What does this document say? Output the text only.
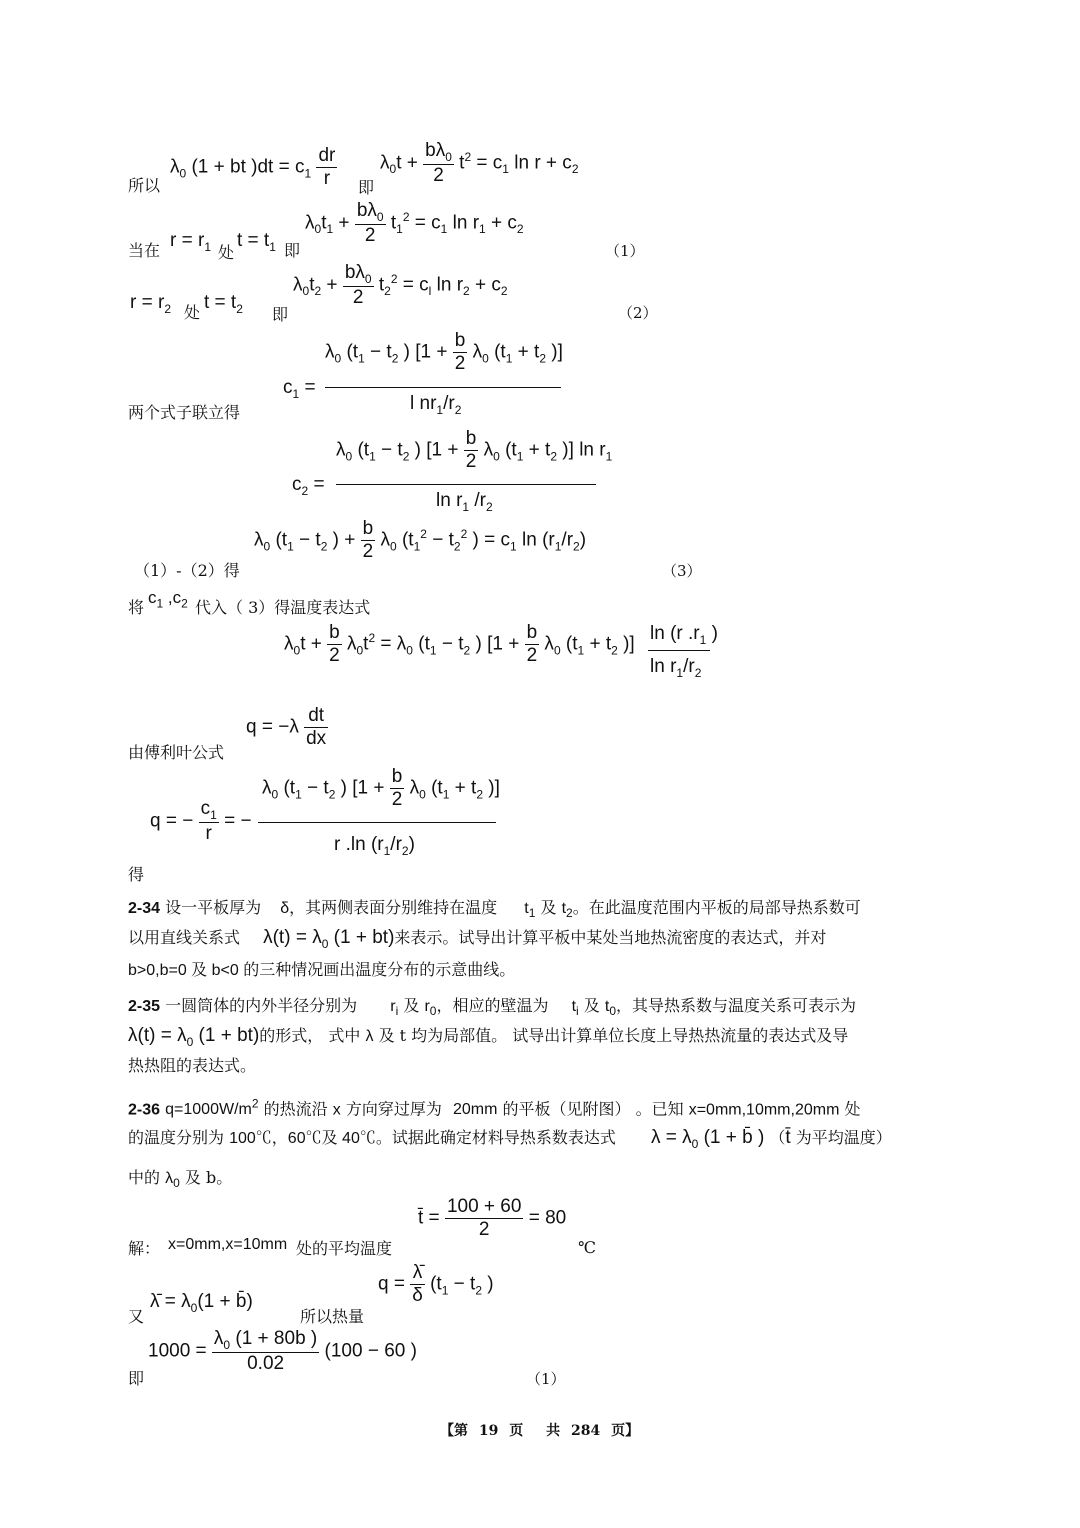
所以
$\lambda_0$ (1 + bt )$dt = c_1 \frac{dr}{r}$ 即
$\lambda_0t + \frac{b\lambda_0}{2} t^2 = c_1$ $\ln r + c_2$
当在 $r = r_1$ 处
$t = t_1$ 即
$\lambda_0t_1 + \frac{b\lambda_0}{2} t_1^2 = c_1$ $\ln r_1 + c_2$
（1）
$r = r_2$ 处 $t = t_2$ 即
$\lambda_0t_2 + \frac{b\lambda_0}{2} t_2^2 = c_l$ $\ln r_2 + c_2$
（2）
两个式子联立得
$c_1$ =
$\lambda_0$ ($t_1 - t_2$ ) [$1 + \frac{b}{2} \lambda_0$ ($t_1 + t_2$ )]
l $nr_1/r_2$
$c_2$ =
$\lambda_0$ ($t_1 - t_2$ ) [$1 + \frac{b}{2} \lambda_0$ ($t_1 + t_2$ )] $\ln r_1$
$\ln r_1$ $/r_2$
（1）-（2）得
$\lambda_0$ ($t_1 - t_2$ ) + $\frac{b}{2} \lambda_0$ ($t_1^2 - t_2^2$ ) = $c_1$ $\ln (r_1/r_2)$
（3）
将
$c_1$ $,c_2$ 代入（ 3）得温度表达式
$\lambda_0t + \frac{b}{2} \lambda_0t^2 = \lambda_0$ ($t_1 - t_2$ ) [$1 + \frac{b}{2} \lambda_0$ ($t_1 + t_2$ )]
ln (r $.r_1$ )
$\ln r_1/r_2$
由傅利叶公式
$q = -\lambda \frac{dt}{dx}$
得
q = − $\frac{c_1}{r}$ = −
$\lambda_0$ ($t_1 - t_2$ ) [$1 + \frac{b}{2} \lambda_0$ ($t_1 + t_2$ )]
r .ln $(r_1/r_2)$
2-34 设一平板厚为 δ，其两侧表面分别维持在温度 $t_1$ 及 $t_2$。在此温度范围内平板的局部导热系数可
以用直线关系式 $\lambda(t) = \lambda_0$ (1 + bt)来表示。试导出计算平板中某处当地热流密度的表达式，并对
b>0,b=0 及 b<0 的三种情况画出温度分布的示意曲线。
2-35 一圆筒体的内外半径分别为 $r_i$ 及 $r_0$，相应的壁温为 $t_i$ 及 $t_0$，其导热系数与温度关系可表示为
$\lambda(t) = \lambda_0$ (1 + bt)的形式， 式中 λ 及 t 均为局部值。 试导出计算单位长度上导热热流量的表达式及导
热热阻的表达式。
2-36 $q=1000W/m^2$ 的热流沿 x 方向穿过厚为 20mm 的平板（见附图） 。已知 x=0mm,10mm,20mm 处
的温度分别为 100℃，60℃及 40℃。试据此确定材料导热系数表达式 $\lambda = \lambda_0$ (1 + b̄ ) （t̄ 为平均温度）
中的 $\lambda_0$ 及 b。
解： x=0mm,x=10mm 处的平均温度
t̄ = $\frac{100 + 60}{2} = 80$
℃
又
λ̄ = $\lambda_0(1$ + b̄)
所以热量
$q = \frac{\lambdā}{\delta} (t_1 - t_2$ )
即
$1000 = \frac{\lambda_0 (1 + 80b )}{0.02} (100 - 60$ )
（1）
【第 19 页 共 284 页】
